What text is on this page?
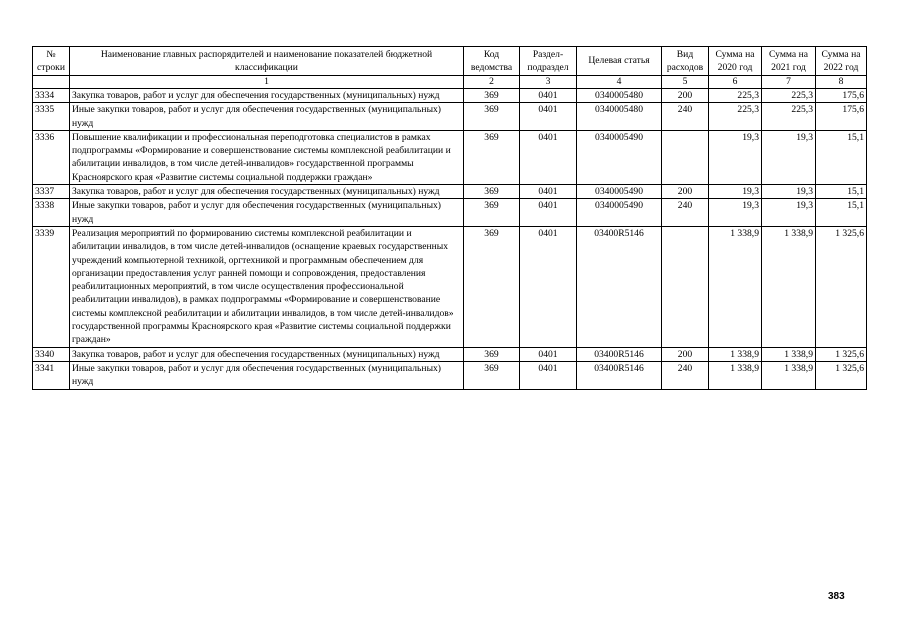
№ строки	Наименование главных распорядителей и наименование показателей бюджетной классификации	Код ведомства	Раздел-подраздел	Целевая статья	Вид расходов	Сумма на 2020 год	Сумма на 2021 год	Сумма на 2022 год
	1	2	3	4	5	6	7	8
3334	Закупка товаров, работ и услуг для обеспечения государственных (муниципальных) нужд	369	0401	0340005480	200	225,3	225,3	175,6
3335	Иные закупки товаров, работ и услуг для обеспечения государственных (муниципальных) нужд	369	0401	0340005480	240	225,3	225,3	175,6
3336	Повышение квалификации и профессиональная переподготовка специалистов в рамках подпрограммы «Формирование и совершенствование системы комплексной реабилитации и абилитации инвалидов, в том числе детей-инвалидов» государственной программы Красноярского края «Развитие системы социальной поддержки граждан»	369	0401	0340005490		19,3	19,3	15,1
3337	Закупка товаров, работ и услуг для обеспечения государственных (муниципальных) нужд	369	0401	0340005490	200	19,3	19,3	15,1
3338	Иные закупки товаров, работ и услуг для обеспечения государственных (муниципальных) нужд	369	0401	0340005490	240	19,3	19,3	15,1
3339	Реализация мероприятий по формированию системы комплексной реабилитации и абилитации инвалидов, в том числе детей-инвалидов (оснащение краевых государственных учреждений компьютерной техникой, оргтехникой и программным обеспечением для организации предоставления услуг ранней помощи и сопровождения, предоставления реабилитационных мероприятий, в том числе осуществления профессиональной реабилитации инвалидов), в рамках подпрограммы «Формирование и совершенствование системы комплексной реабилитации и абилитации инвалидов, в том числе детей-инвалидов» государственной программы Красноярского края «Развитие системы социальной поддержки граждан»	369	0401	03400R5146		1 338,9	1 338,9	1 325,6
3340	Закупка товаров, работ и услуг для обеспечения государственных (муниципальных) нужд	369	0401	03400R5146	200	1 338,9	1 338,9	1 325,6
3341	Иные закупки товаров, работ и услуг для обеспечения государственных (муниципальных) нужд	369	0401	03400R5146	240	1 338,9	1 338,9	1 325,6
383
